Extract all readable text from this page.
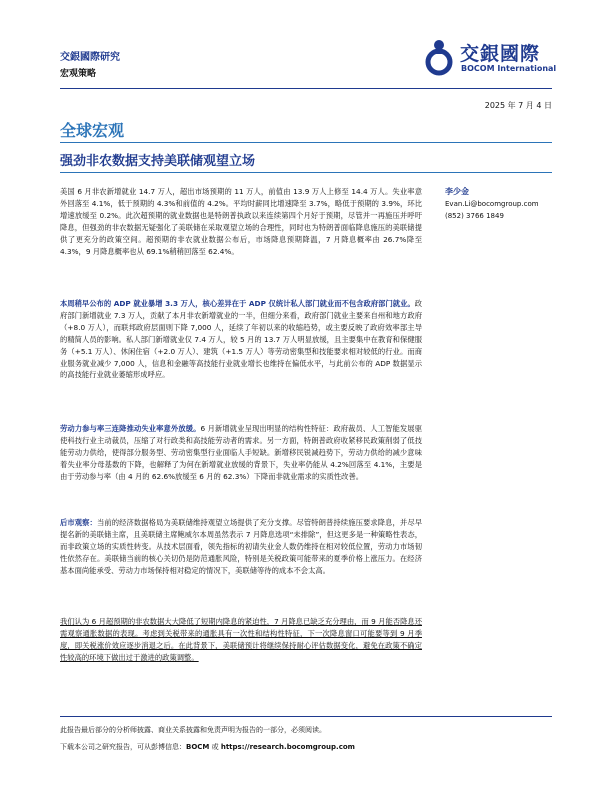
交銀國際研究
宏观策略
交銀國際
BOCOM International
2025 年 7 月 4 日
全球宏观
强劲非农数据支持美联储观望立场
李少金
Evan.Li@bocomgroup.com
(852) 3766 1849
美国 6 月非农新增就业 14.7 万人，超出市场预期的 11 万人，前值由 13.9 万人上修至 14.4 万人。失业率意外回落至 4.1%，低于预期的 4.3%和前值的 4.2%。平均时薪同比增速降至 3.7%，略低于预期的 3.9%，环比增速放缓至 0.2%。此次超预期的就业数据也是特朗普执政以来连续第四个月好于预期，尽管并一再施压并呼吁降息，但强劲的非农数据无疑强化了美联储在采取观望立场的合理性，同时也为特朗普面临降息施压的美联储提供了更充分的政策空间。超预期的非农就业数据公布后，市场降息预期降温，7 月降息概率由 26.7%降至 4.3%，9 月降息概率也从 69.1%稍稍回落至 62.4%。
本周稍早公布的 ADP 就业暴增 3.3 万人，核心差异在于 ADP 仅统计私人部门就业而不包含政府部门就业。政府部门新增就业 7.3 万人，贡献了本月非农新增就业的一半，但细分来看，政府部门就业主要来自州和地方政府（+8.0 万人），而联邦政府层面则下降 7,000 人，延续了年初以来的收缩趋势，或主要反映了政府效率部主导的精简人员的影响。私人部门新增就业仅 7.4 万人，较 5 月的 13.7 万人明显放缓，且主要集中在教育和保健服务（+5.1 万人）、休闲住宿（+2.0 万人）、建筑（+1.5 万人）等劳动密集型和技能要求相对较低的行业。而商业服务就业减少 7,000 人，信息和金融等高技能行业就业增长也维持在偏低水平，与此前公布的 ADP 数据显示的高技能行业就业萎缩形成呼应。
劳动力参与率三连降推动失业率意外放缓。6 月新增就业呈现出明显的结构性特征：政府裁员、人工智能发展驱使科技行业主动裁员，压缩了对行政类和高技能劳动者的需求。另一方面，特朗普政府收紧移民政策削弱了低技能劳动力供给，使得部分服务型、劳动密集型行业面临人手短缺。新增移民锐减趋势下，劳动力供给的减少意味着失业率分母基数的下降，也解释了为何在新增就业放缓的背景下，失业率仍能从 4.2%回落至 4.1%，主要是由于劳动参与率（由 4 月的 62.6%放缓至 6 月的 62.3%）下降而非就业需求的实质性改善。
后市观察：当前的经济数据格局为美联储维持观望立场提供了充分支撑。尽管特朗普持续施压要求降息，并尽早提名新的美联储主席，且美联储主席鲍威尔本周虽然表示 7 月降息选项“未排除”，但这更多是一种策略性表态，而非政策立场的实质性转变。从技术层面看，领先指标的初请失业金人数仍维持在相对较低位置，劳动力市场韧性依然存在。美联储当前的核心关切仍是防范通胀风险，特别是关税政策可能带来的夏季价格上涨压力。在经济基本面尚能承受、劳动力市场保持相对稳定的情况下，美联储等待的成本不会太高。
我们认为 6 月超预期的非农数据大大降低了短期内降息的紧迫性，7 月降息已缺乏充分理由，而 9 月能否降息还需观察通胀数据的表现。考虑到关税带来的通胀具有一次性和结构性特征，下一次降息窗口可能要等到 9 月季度，即关税涨价效应逐步消退之后。在此背景下，美联储预计将继续保持耐心评估数据变化，避免在政策不确定性较高的环境下做出过于激进的政策调整。
此报告最后部分的分析师披露、商业关系披露和免责声明为报告的一部分，必须阅读。
下载本公司之研究报告，可从彭博信息：BOCM 或 https://research.bocomgroup.com
